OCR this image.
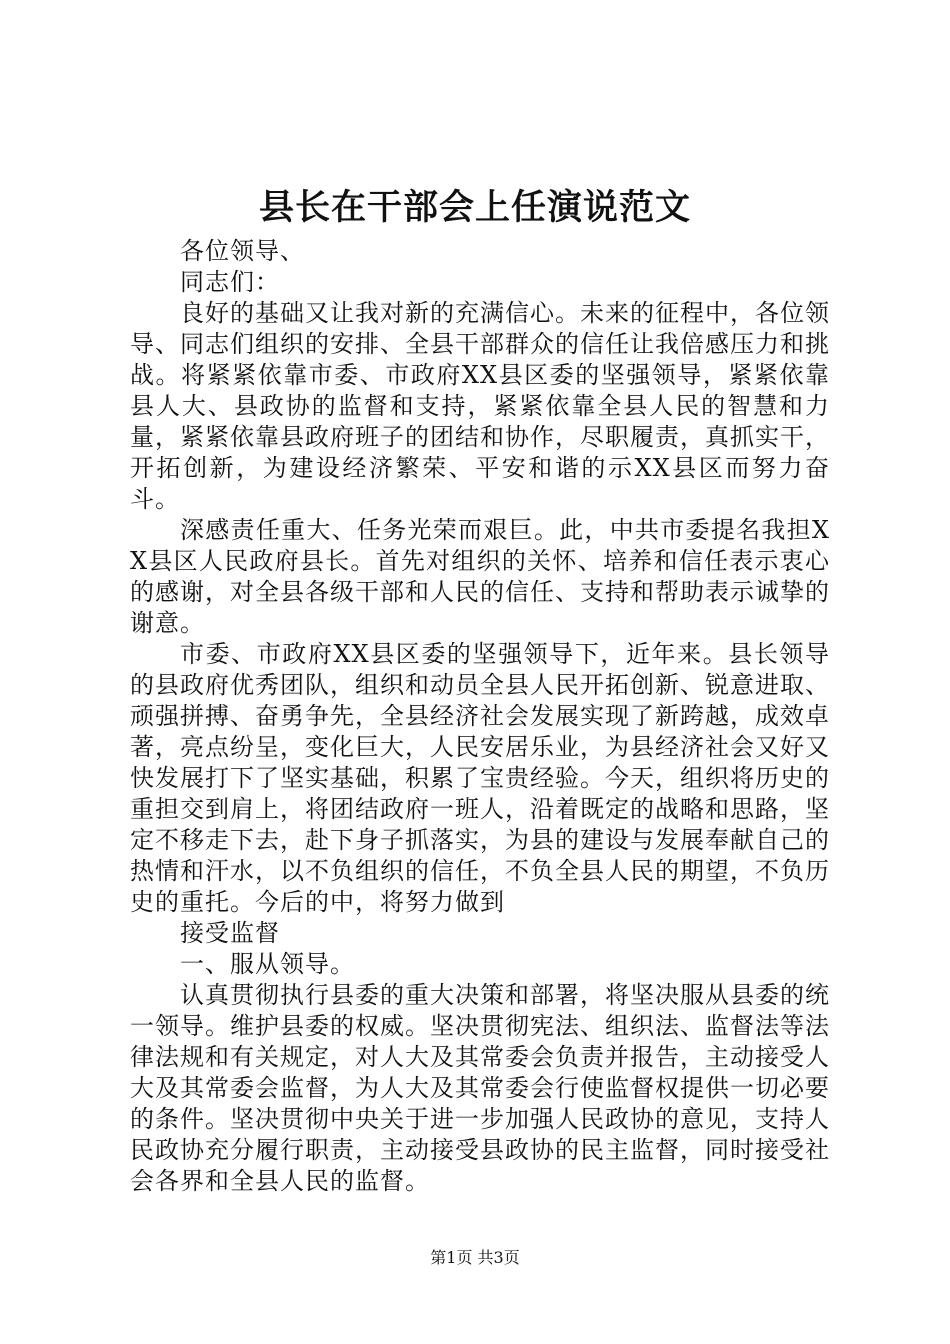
县长在干部会上任演说范文

各位领导、

同志们：

良好的基础又让我对新的充满信心。未来的征程中，各位领导、同志们组织的安排、全县干部群众的信任让我倍感压力和挑战。将紧紧依靠市委、市政府XX县区委的坚强领导，紧紧依靠县人大、县政协的监督和支持，紧紧依靠全县人民的智慧和力量，紧紧依靠县政府班子的团结和协作，尽职履责，真抓实干，开拓创新，为建设经济繁荣、平安和谐的示XX县区而努力奋斗。

深感责任重大、任务光荣而艰巨。此，中共市委提名我担XX县区人民政府县长。首先对组织的关怀、培养和信任表示衷心的感谢，对全县各级干部和人民的信任、支持和帮助表示诚挚的谢意。

市委、市政府XX县区委的坚强领导下，近年来。县长领导的县政府优秀团队，组织和动员全县人民开拓创新、锐意进取、顽强拼搏、奋勇争先，全县经济社会发展实现了新跨越，成效卓著，亮点纷呈，变化巨大，人民安居乐业，为县经济社会又好又快发展打下了坚实基础，积累了宝贵经验。今天，组织将历史的重担交到肩上，将团结政府一班人，沿着既定的战略和思路，坚定不移走下去，赴下身子抓落实，为县的建设与发展奉献自己的热情和汗水，以不负组织的信任，不负全县人民的期望，不负历史的重托。今后的中，将努力做到

接受监督

一、服从领导。

认真贯彻执行县委的重大决策和部署，将坚决服从县委的统一领导。维护县委的权威。坚决贯彻宪法、组织法、监督法等法律法规和有关规定，对人大及其常委会负责并报告，主动接受人大及其常委会监督，为人大及其常委会行使监督权提供一切必要的条件。坚决贯彻中央关于进一步加强人民政协的意见，支持人民政协充分履行职责，主动接受县政协的民主监督，同时接受社会各界和全县人民的监督。

第1页 共3页
